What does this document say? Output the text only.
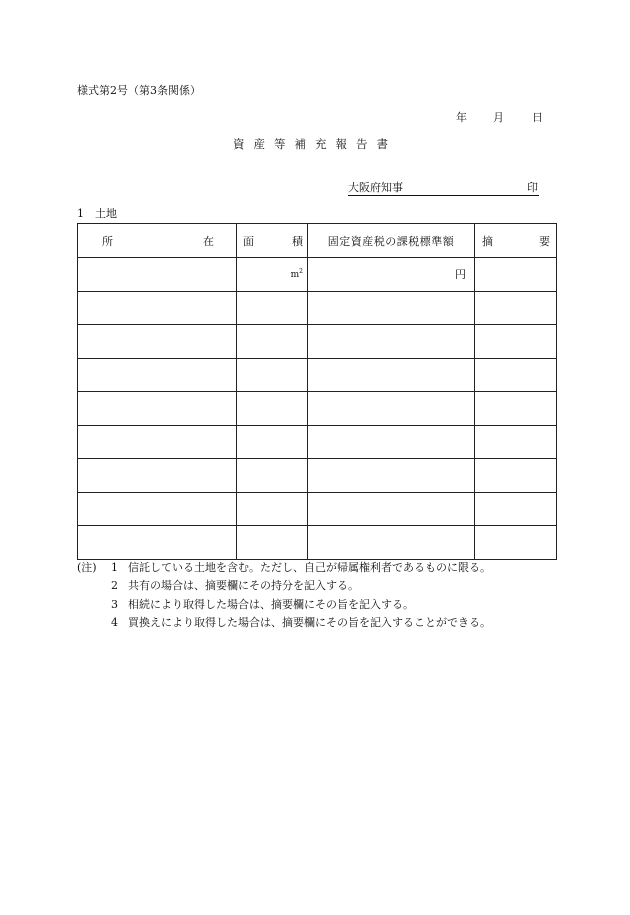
様式第2号（第3条関係）
年 月	日
資産等補充報告書
大阪府知事	印
1 土地
所 在	面 積	固定資産税の課税標準額	摘 要

	$m^2$	円	

(注) 1 信託している土地を含む。ただし、自己が帰属権利者であるものに限る。
2 共有の場合は、摘要欄にその持分を記入する。
3 相続により取得した場合は、摘要欄にその旨を記入する。
4 買換えにより取得した場合は、摘要欄にその旨を記入することができる。
